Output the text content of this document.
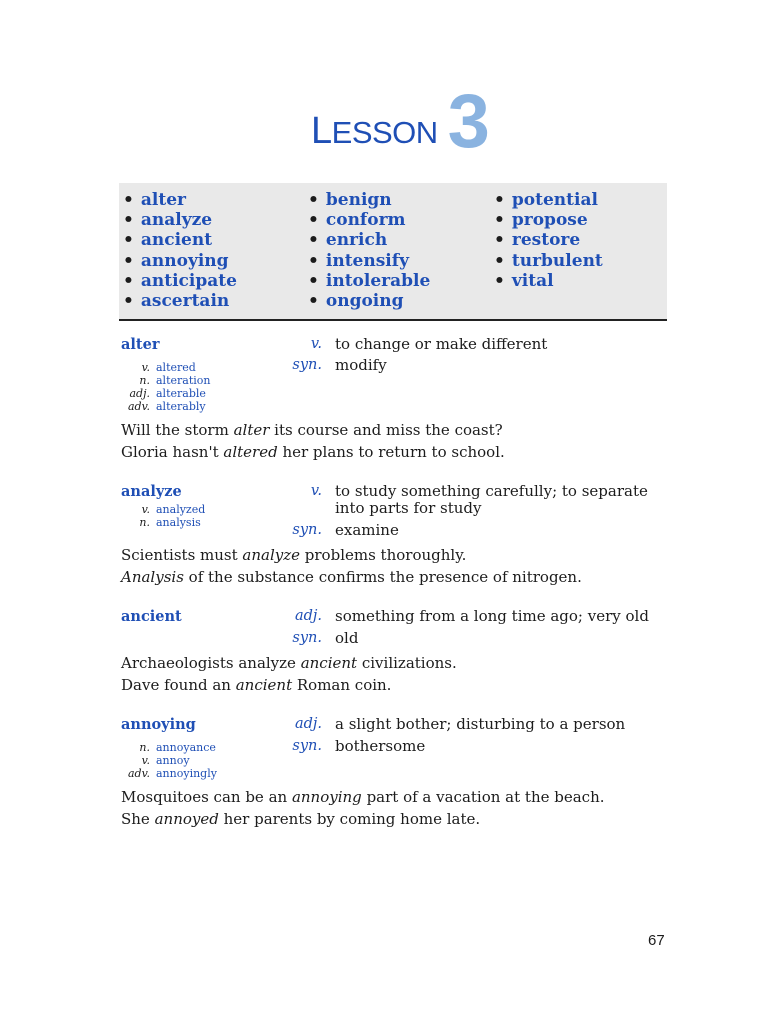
LESSON 3
• alter
• analyze
• ancient
• annoying
• anticipate
• ascertain
• benign
• conform
• enrich
• intensify
• intolerable
• ongoing
• potential
• propose
• restore
• turbulent
• vital
alter	v. to change or make different
syn. modify
v. altered
n. alteration
adj. alterable
adv. alterably
Will the storm alter its course and miss the coast?
Gloria hasn't altered her plans to return to school.
analyze	v. to study something carefully; to separate
into parts for study
syn. examine
v. analyzed
n. analysis
Scientists must analyze problems thoroughly.
Analysis of the substance confirms the presence of nitrogen.
ancient	adj. something from a long time ago; very old
syn. old
Archaeologists analyze ancient civilizations.
Dave found an ancient Roman coin.
annoying	adj. a slight bother; disturbing to a person
syn. bothersome
n. annoyance
v. annoy
adv. annoyingly
Mosquitoes can be an annoying part of a vacation at the beach.
She annoyed her parents by coming home late.
67
